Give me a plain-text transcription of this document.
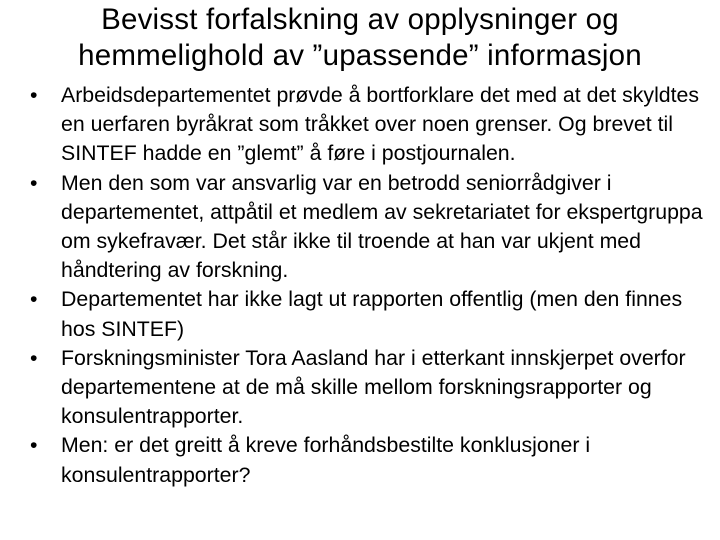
Bevisst forfalskning av opplysninger og hemmelighold av ”upassende” informasjon
• Arbeidsdepartementet prøvde å bortforklare det med at det skyldtes en uerfaren byråkrat som tråkket over noen grenser. Og brevet til SINTEF hadde en ”glemt” å føre i postjournalen.
• Men den som var ansvarlig var en betrodd seniorrådgiver i departementet, attpåtil et medlem av sekretariatet for ekspertgruppa om sykefravær. Det står ikke til troende at han var ukjent med håndtering av forskning.
• Departementet har ikke lagt ut rapporten offentlig (men den finnes hos SINTEF)
• Forskningsminister Tora Aasland har i etterkant innskjerpet overfor departementene at de må skille mellom forskningsrapporter og konsulentrapporter.
• Men: er det greitt å kreve forhåndsbestilte konklusjoner i konsulentrapporter?
